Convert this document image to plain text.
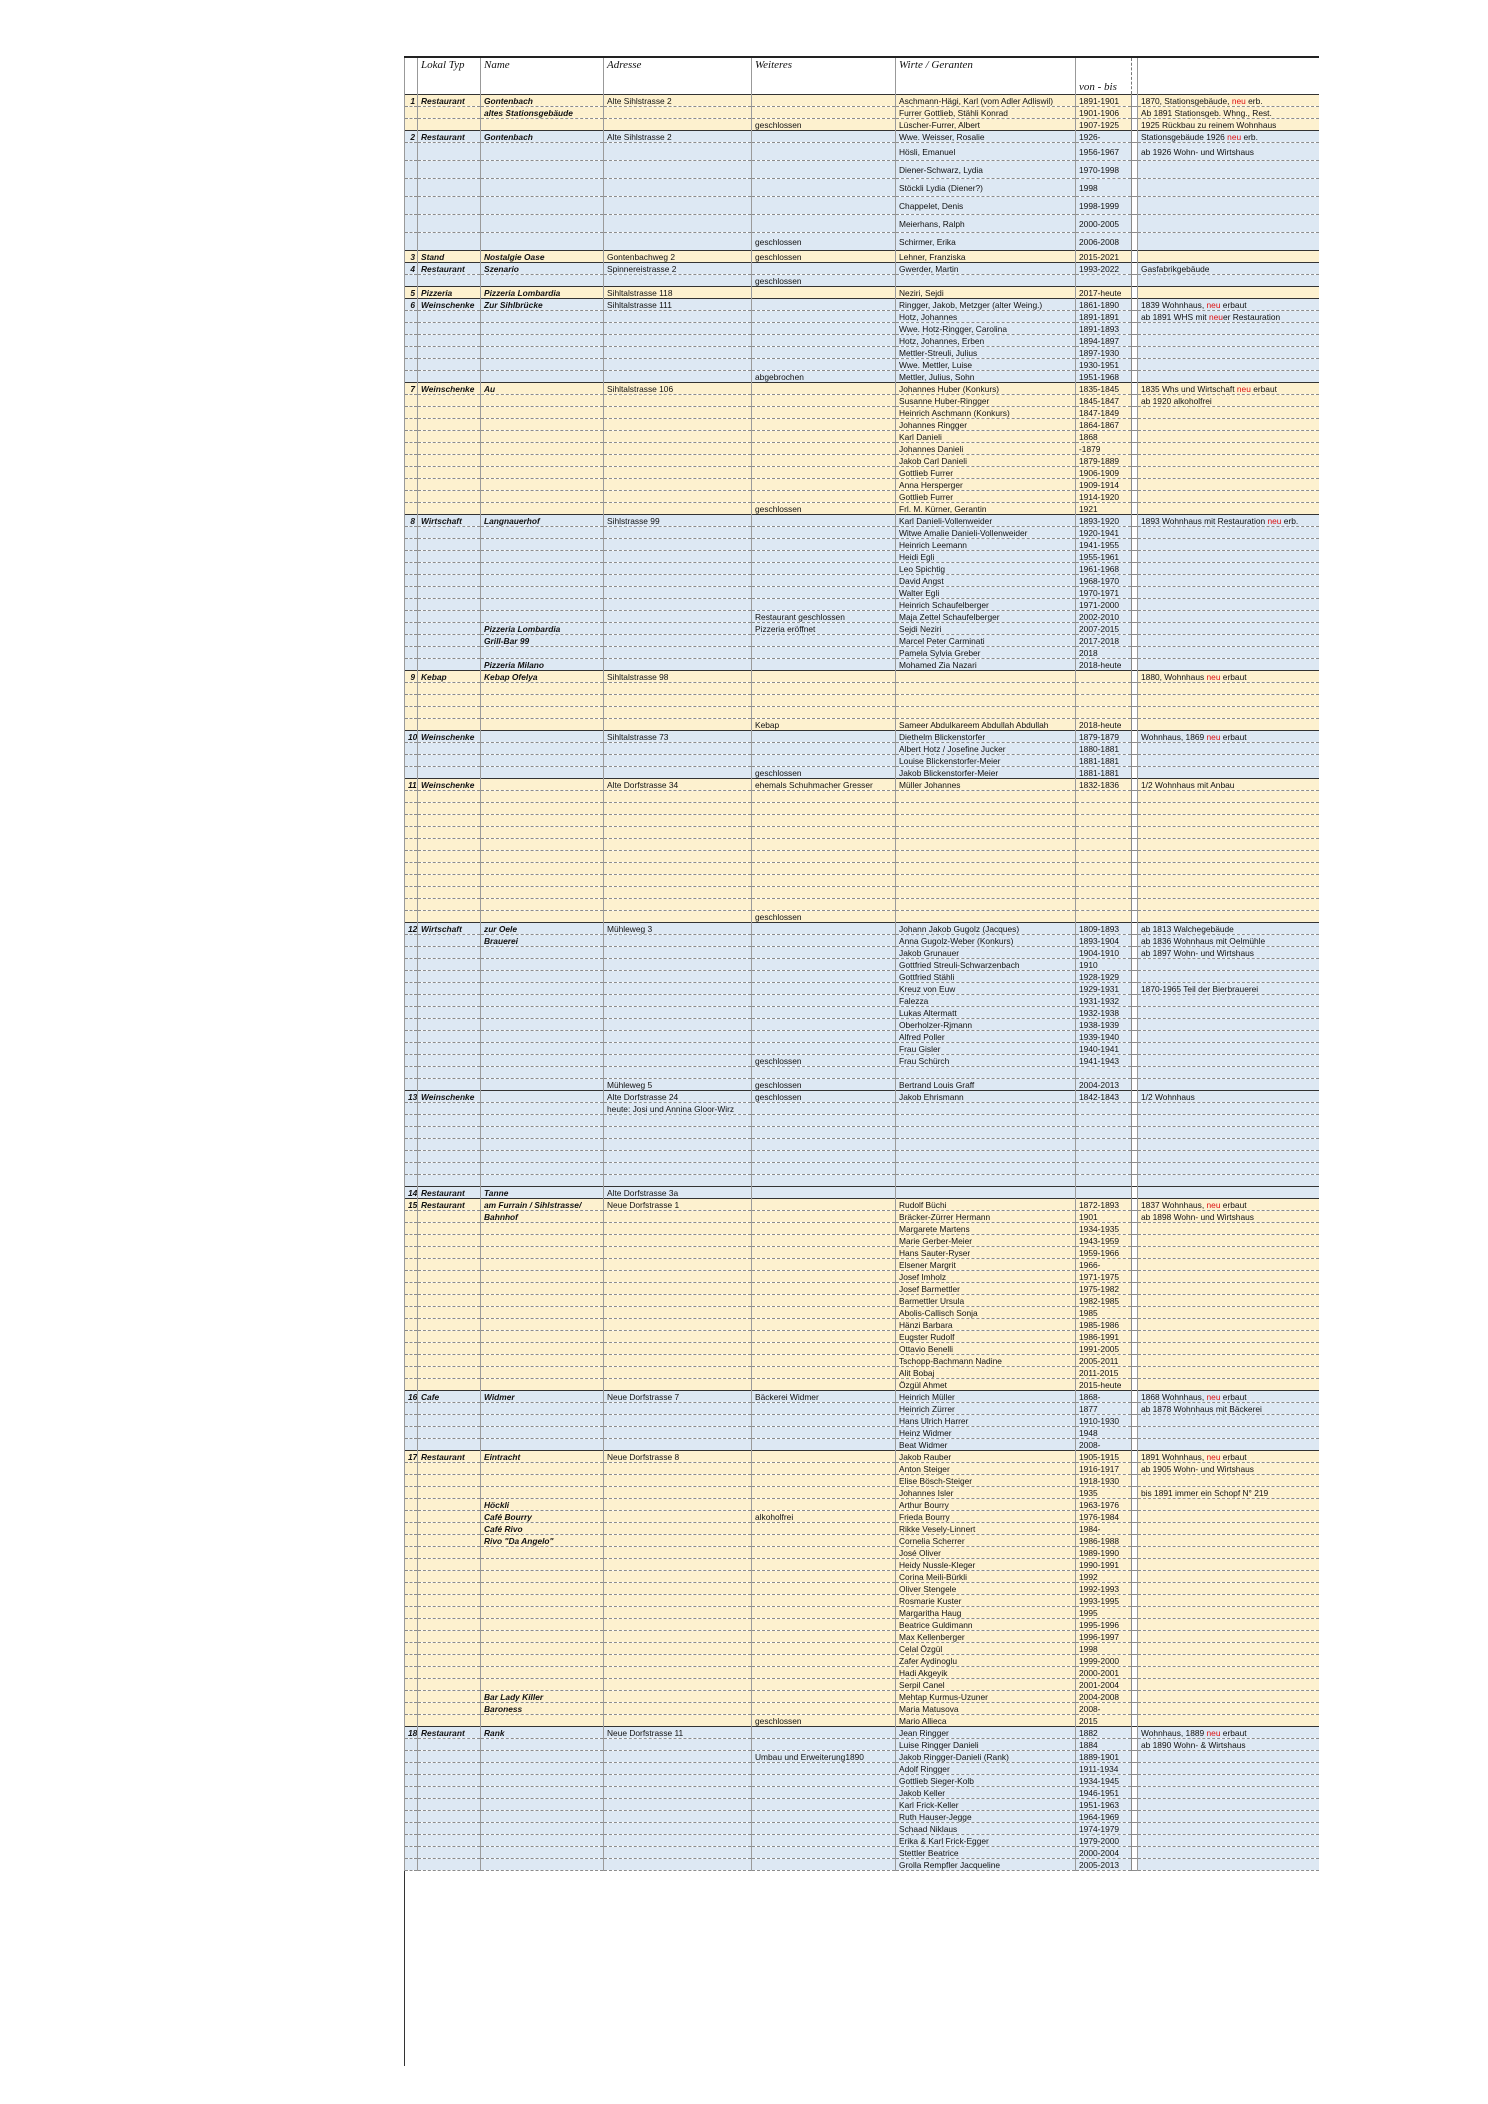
	Lokal Typ	Name	Adresse	Weiteres	Wirte / Geranten	von - bis		
1	Restaurant	Gontenbach	Alte Sihlstrasse 2		Aschmann-Hägi, Karl (vom Adler Adliswil)	1891-1901		1870, Stationsgebäude, neu erb.
		altes Stationsgebäude			Furrer Gottlieb, Stähli Konrad	1901-1906		Ab 1891 Stationsgeb. Whng., Rest.
				geschlossen	Lüscher-Furrer, Albert	1907-1925		1925 Rückbau zu reinem Wohnhaus
2	Restaurant	Gontenbach	Alte Sihlstrasse 2		Wwe. Weisser, Rosalie	1926-		Stationsgebäude 1926 neu erb.
					Hösli, Emanuel	1956-1967		ab 1926 Wohn- und Wirtshaus
					Diener-Schwarz, Lydia	1970-1998		
					Stöckli Lydia (Diener?)	1998		
					Chappelet, Denis	1998-1999		
					Meierhans, Ralph	2000-2005		
				geschlossen	Schirmer, Erika	2006-2008		
3	Stand	Nostalgie Oase	Gontenbachweg 2	geschlossen	Lehner, Franziska	2015-2021		
4	Restaurant	Szenario	Spinnereistrasse 2		Gwerder, Martin	1993-2022		Gasfabrikgebäude
				geschlossen				
5	Pizzeria	Pizzeria Lombardia	Sihltalstrasse 118		Neziri, Sejdi	2017-heute		
6	Weinschenke	Zur Sihlbrücke	Sihltalstrasse 111		Ringger, Jakob, Metzger (alter Weing.)	1861-1890		1839 Wohnhaus, neu erbaut
					Hotz, Johannes	1891-1891		ab 1891 WHS mit neuer Restauration
					Wwe. Hotz-Ringger, Carolina	1891-1893		
					Hotz, Johannes, Erben	1894-1897		
					Mettler-Streuli, Julius	1897-1930		
					Wwe. Mettler, Luise	1930-1951		
				abgebrochen	Mettler, Julius, Sohn	1951-1968		
7	Weinschenke	Au	Sihltalstrasse 106		Johannes Huber (Konkurs)	1835-1845		1835 Whs und Wirtschaft neu erbaut
					Susanne Huber-Ringger	1845-1847		ab 1920 alkoholfrei
					Heinrich Aschmann (Konkurs)	1847-1849		
					Johannes Ringger	1864-1867		
					Karl Danieli	1868		
					Johannes Danieli	-1879		
					Jakob Carl Danieli	1879-1889		
					Gottlieb Furrer	1906-1909		
					Anna Hersperger	1909-1914		
					Gottlieb Furrer	1914-1920		
				geschlossen	Frl. M. Kürner, Gerantin	1921		
8	Wirtschaft	Langnauerhof	Sihlstrasse 99		Karl Danieli-Vollenweider	1893-1920		1893 Wohnhaus mit Restauration neu erb.
					Witwe Amalie Danieli-Vollenweider	1920-1941		
					Heinrich Leemann	1941-1955		
					Heidi Egli	1955-1961		
					Leo Spichtig	1961-1968		
					David Angst	1968-1970		
					Walter Egli	1970-1971		
					Heinrich Schaufelberger	1971-2000		
				Restaurant geschlossen	Maja Zettel Schaufelberger	2002-2010		
		Pizzeria Lombardia		Pizzeria eröffnet	Sejdi Neziri	2007-2015		
		Grill-Bar 99			Marcel Peter Carminati	2017-2018		
					Pamela Sylvia Greber	2018		
		Pizzeria Milano			Mohamed Zia Nazari	2018-heute		
9	Kebap	Kebap Ofelya	Sihltalstrasse 98					1880, Wohnhaus neu erbaut

				Kebap	Sameer Abdulkareem Abdullah Abdullah	2018-heute		
10	Weinschenke		Sihltalstrasse 73		Diethelm Blickenstorfer	1879-1879		Wohnhaus, 1869 neu erbaut
					Albert Hotz / Josefine Jucker	1880-1881		
					Louise Blickenstorfer-Meier	1881-1881		
				geschlossen	Jakob Blickenstorfer-Meier	1881-1881		
11	Weinschenke		Alte Dorfstrasse 34	ehemals Schuhmacher Gresser	Müller Johannes	1832-1836		1/2 Wohnhaus mit Anbau

				geschlossen				
12	Wirtschaft	zur Oele	Mühleweg 3		Johann Jakob Gugolz (Jacques)	1809-1893		ab 1813 Walchegebäude
		Brauerei			Anna Gugolz-Weber (Konkurs)	1893-1904		ab 1836 Wohnhaus mit Oelmühle
					Jakob Grunauer	1904-1910		ab 1897 Wohn- und Wirtshaus
					Gottfried Streuli-Schwarzenbach	1910		
					Gottfried Stähli	1928-1929		
					Kreuz von Euw	1929-1931		1870-1965 Teil der Bierbrauerei
					Falezza	1931-1932		
					Lukas Altermatt	1932-1938		
					Oberholzer-Rjmann	1938-1939		
					Alfred Poller	1939-1940		
					Frau Gisler	1940-1941		
				geschlossen	Frau Schürch	1941-1943		

			Mühleweg 5	geschlossen	Bertrand Louis Graff	2004-2013		
13	Weinschenke		Alte Dorfstrasse 24	geschlossen	Jakob Ehrismann	1842-1843		1/2 Wohnhaus
			heute: Josi und Annina Gloor-Wirz					

14	Restaurant	Tanne	Alte Dorfstrasse 3a					
15	Restaurant	am Furrain / Sihlstrasse/	Neue Dorfstrasse 1		Rudolf Büchi	1872-1893		1837 Wohnhaus, neu erbaut
		Bahnhof			Bräcker-Zürrer Hermann	1901		ab 1898 Wohn- und Wirtshaus
					Margarete Martens	1934-1935		
					Marie Gerber-Meier	1943-1959		
					Hans Sauter-Ryser	1959-1966		
					Elsener Margrit	1966-		
					Josef Imholz	1971-1975		
					Josef Barmettler	1975-1982		
					Barmettler Ursula	1982-1985		
					Abolis-Callisch Sonja	1985		
					Hänzi Barbara	1985-1986		
					Eugster Rudolf	1986-1991		
					Ottavio Benelli	1991-2005		
					Tschopp-Bachmann Nadine	2005-2011		
					Alit Bobaj	2011-2015		
					Özgül Ahmet	2015-heute		
16	Cafe	Widmer	Neue Dorfstrasse 7	Bäckerei Widmer	Heinrich Müller	1868-		1868 Wohnhaus, neu erbaut
					Heinrich Zürrer	1877		ab 1878 Wohnhaus mit Bäckerei
					Hans Ulrich Harrer	1910-1930		
					Heinz Widmer	1948		
					Beat Widmer	2008-		
17	Restaurant	Eintracht	Neue Dorfstrasse 8		Jakob Rauber	1905-1915		1891 Wohnhaus, neu erbaut
					Anton Steiger	1916-1917		ab 1905 Wohn- und Wirtshaus
					Elise Bösch-Steiger	1918-1930		
					Johannes Isler	1935		bis 1891 immer ein Schopf N° 219
		Höckli			Arthur Bourry	1963-1976		
		Café Bourry		alkoholfrei	Frieda Bourry	1976-1984		
		Café Rivo			Rikke Vesely-Linnert	1984-		
		Rivo "Da Angelo"			Cornelia Scherrer	1986-1988		
					José Oliver	1989-1990		
					Heidy Nussle-Kleger	1990-1991		
					Corina Meili-Bürkli	1992		
					Oliver Stengele	1992-1993		
					Rosmarie Kuster	1993-1995		
					Margaritha Haug	1995		
					Beatrice Guldimann	1995-1996		
					Max Kellenberger	1996-1997		
					Celal Özgül	1998		
					Zafer Aydinoglu	1999-2000		
					Hadi Akgeyik	2000-2001		
					Serpil Canel	2001-2004		
		Bar Lady Killer			Mehtap Kurmus-Uzuner	2004-2008		
		Baroness			Maria Matusova	2008-		
				geschlossen	Mario Allieca	2015		
18	Restaurant	Rank	Neue Dorfstrasse 11		Jean Ringger	1882		Wohnhaus, 1889 neu erbaut
					Luise Ringger Danieli	1884		ab 1890 Wohn- & Wirtshaus
				Umbau und Erweiterung1890	Jakob Ringger-Danieli (Rank)	1889-1901		
					Adolf Ringger	1911-1934		
					Gottlieb Sieger-Kolb	1934-1945		
					Jakob Keller	1946-1951		
					Karl Frick-Keller	1951-1963		
					Ruth Hauser-Jegge	1964-1969		
					Schaad Niklaus	1974-1979		
					Erika & Karl Frick-Egger	1979-2000		
					Stettler Beatrice	2000-2004		
					Grolla Rempfler Jacqueline	2005-2013		
